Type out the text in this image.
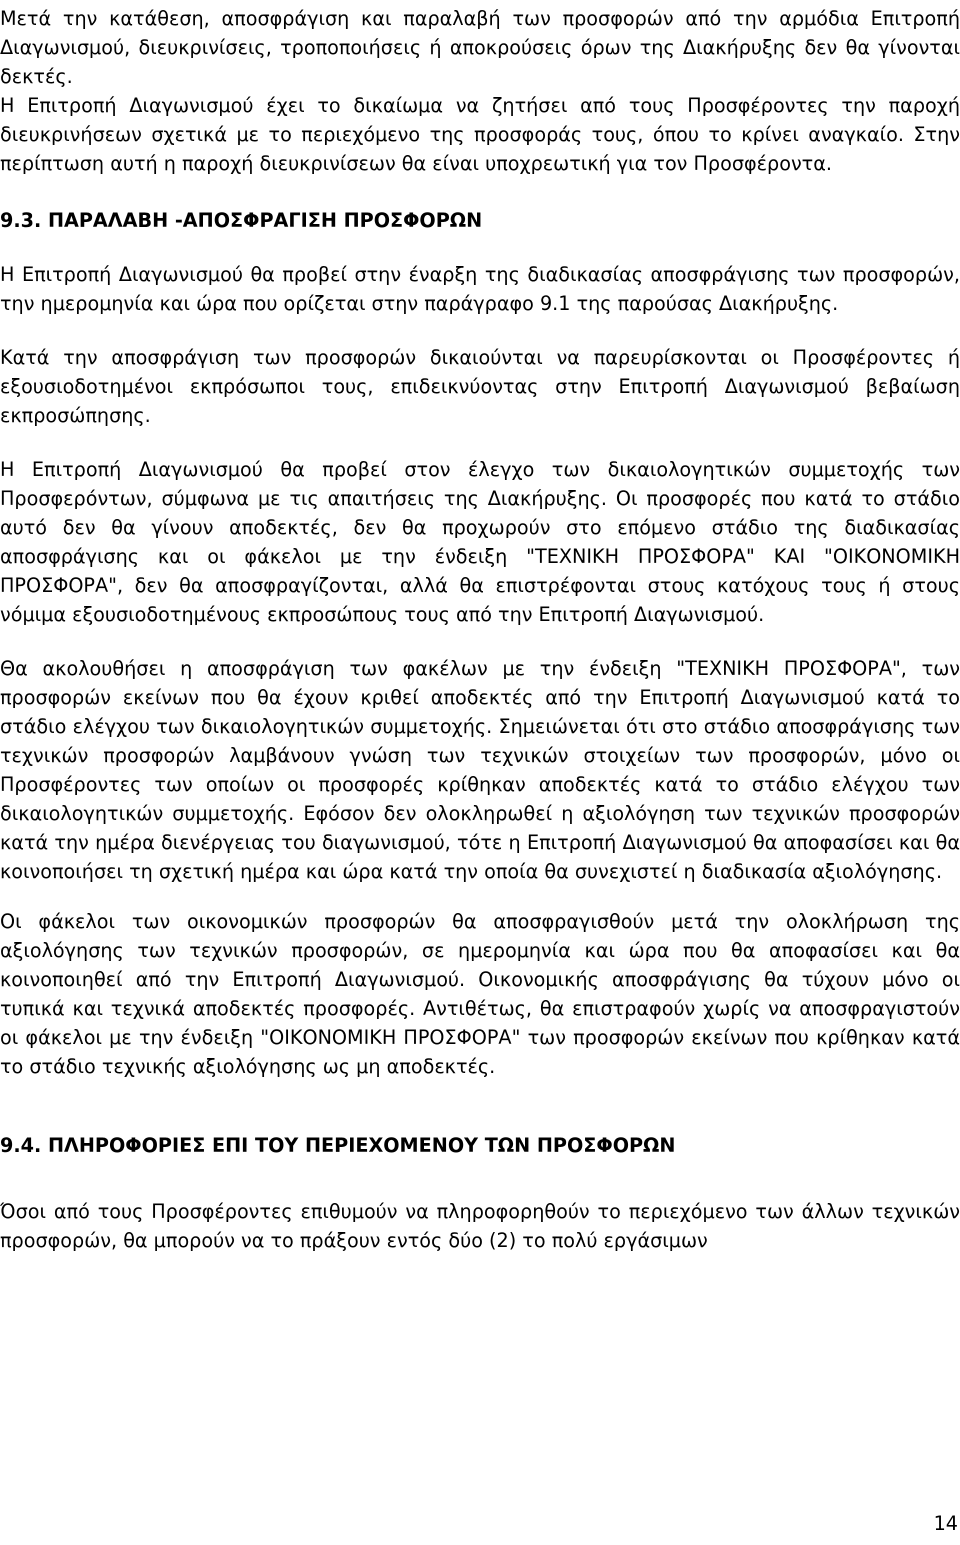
Μετά την κατάθεση, αποσφράγιση και παραλαβή των προσφορών από την αρμόδια Επιτροπή Διαγωνισμού, διευκρινίσεις, τροποποιήσεις ή αποκρούσεις όρων της Διακήρυξης δεν θα γίνονται δεκτές.

Η Επιτροπή Διαγωνισμού έχει το δικαίωμα να ζητήσει από τους Προσφέροντες την παροχή διευκρινήσεων σχετικά με το περιεχόμενο της προσφοράς τους, όπου το κρίνει αναγκαίο. Στην περίπτωση αυτή η παροχή διευκρινίσεων θα είναι υποχρεωτική για τον Προσφέροντα.

9.3. ΠΑΡΑΛΑΒΗ -ΑΠΟΣΦΡΑΓΙΣΗ ΠΡΟΣΦΟΡΩΝ

Η Επιτροπή Διαγωνισμού θα προβεί στην έναρξη της διαδικασίας αποσφράγισης των προσφορών, την ημερομηνία και ώρα που ορίζεται στην παράγραφο 9.1 της παρούσας Διακήρυξης.

Κατά την αποσφράγιση των προσφορών δικαιούνται να παρευρίσκονται οι Προσφέροντες ή εξουσιοδοτημένοι εκπρόσωποι τους, επιδεικνύοντας στην Επιτροπή Διαγωνισμού βεβαίωση εκπροσώπησης.

Η Επιτροπή Διαγωνισμού θα προβεί στον έλεγχο των δικαιολογητικών συμμετοχής των Προσφερόντων, σύμφωνα με τις απαιτήσεις της Διακήρυξης. Οι προσφορές που κατά το στάδιο αυτό δεν θα γίνουν αποδεκτές, δεν θα προχωρούν στο επόμενο στάδιο της διαδικασίας αποσφράγισης και οι φάκελοι με την ένδειξη "ΤΕΧΝΙΚΗ ΠΡΟΣΦΟΡΑ" ΚΑΙ "ΟΙΚΟΝΟΜΙΚΗ ΠΡΟΣΦΟΡΑ", δεν θα αποσφραγίζονται, αλλά θα επιστρέφονται στους κατόχους τους ή στους νόμιμα εξουσιοδοτημένους εκπροσώπους τους από την Επιτροπή Διαγωνισμού.

Θα ακολουθήσει η αποσφράγιση των φακέλων με την ένδειξη "ΤΕΧΝΙΚΗ ΠΡΟΣΦΟΡΑ", των προσφορών εκείνων που θα έχουν κριθεί αποδεκτές από την Επιτροπή Διαγωνισμού κατά το στάδιο ελέγχου των δικαιολογητικών συμμετοχής. Σημειώνεται ότι στο στάδιο αποσφράγισης των τεχνικών προσφορών λαμβάνουν γνώση των τεχνικών στοιχείων των προσφορών, μόνο οι Προσφέροντες των οποίων οι προσφορές κρίθηκαν αποδεκτές κατά το στάδιο ελέγχου των δικαιολογητικών συμμετοχής. Εφόσον δεν ολοκληρωθεί η αξιολόγηση των τεχνικών προσφορών κατά την ημέρα διενέργειας του διαγωνισμού, τότε η Επιτροπή Διαγωνισμού θα αποφασίσει και θα κοινοποιήσει τη σχετική ημέρα και ώρα κατά την οποία θα συνεχιστεί η διαδικασία αξιολόγησης.

Οι φάκελοι των οικονομικών προσφορών θα αποσφραγισθούν μετά την ολοκλήρωση της αξιολόγησης των τεχνικών προσφορών, σε ημερομηνία και ώρα που θα αποφασίσει και θα κοινοποιηθεί από την Επιτροπή Διαγωνισμού. Οικονομικής αποσφράγισης θα τύχουν μόνο οι τυπικά και τεχνικά αποδεκτές προσφορές. Αντιθέτως, θα επιστραφούν χωρίς να αποσφραγιστούν οι φάκελοι με την ένδειξη "ΟΙΚΟΝΟΜΙΚΗ ΠΡΟΣΦΟΡΑ" των προσφορών εκείνων που κρίθηκαν κατά το στάδιο τεχνικής αξιολόγησης ως μη αποδεκτές.

9.4. ΠΛΗΡΟΦΟΡΙΕΣ ΕΠΙ ΤΟΥ ΠΕΡΙΕΧΟΜΕΝΟΥ ΤΩΝ ΠΡΟΣΦΟΡΩΝ

Όσοι από τους Προσφέροντες επιθυμούν να πληροφορηθούν το περιεχόμενο των άλλων τεχνικών προσφορών, θα μπορούν να το πράξουν εντός δύο (2) το πολύ εργάσιμων

14
